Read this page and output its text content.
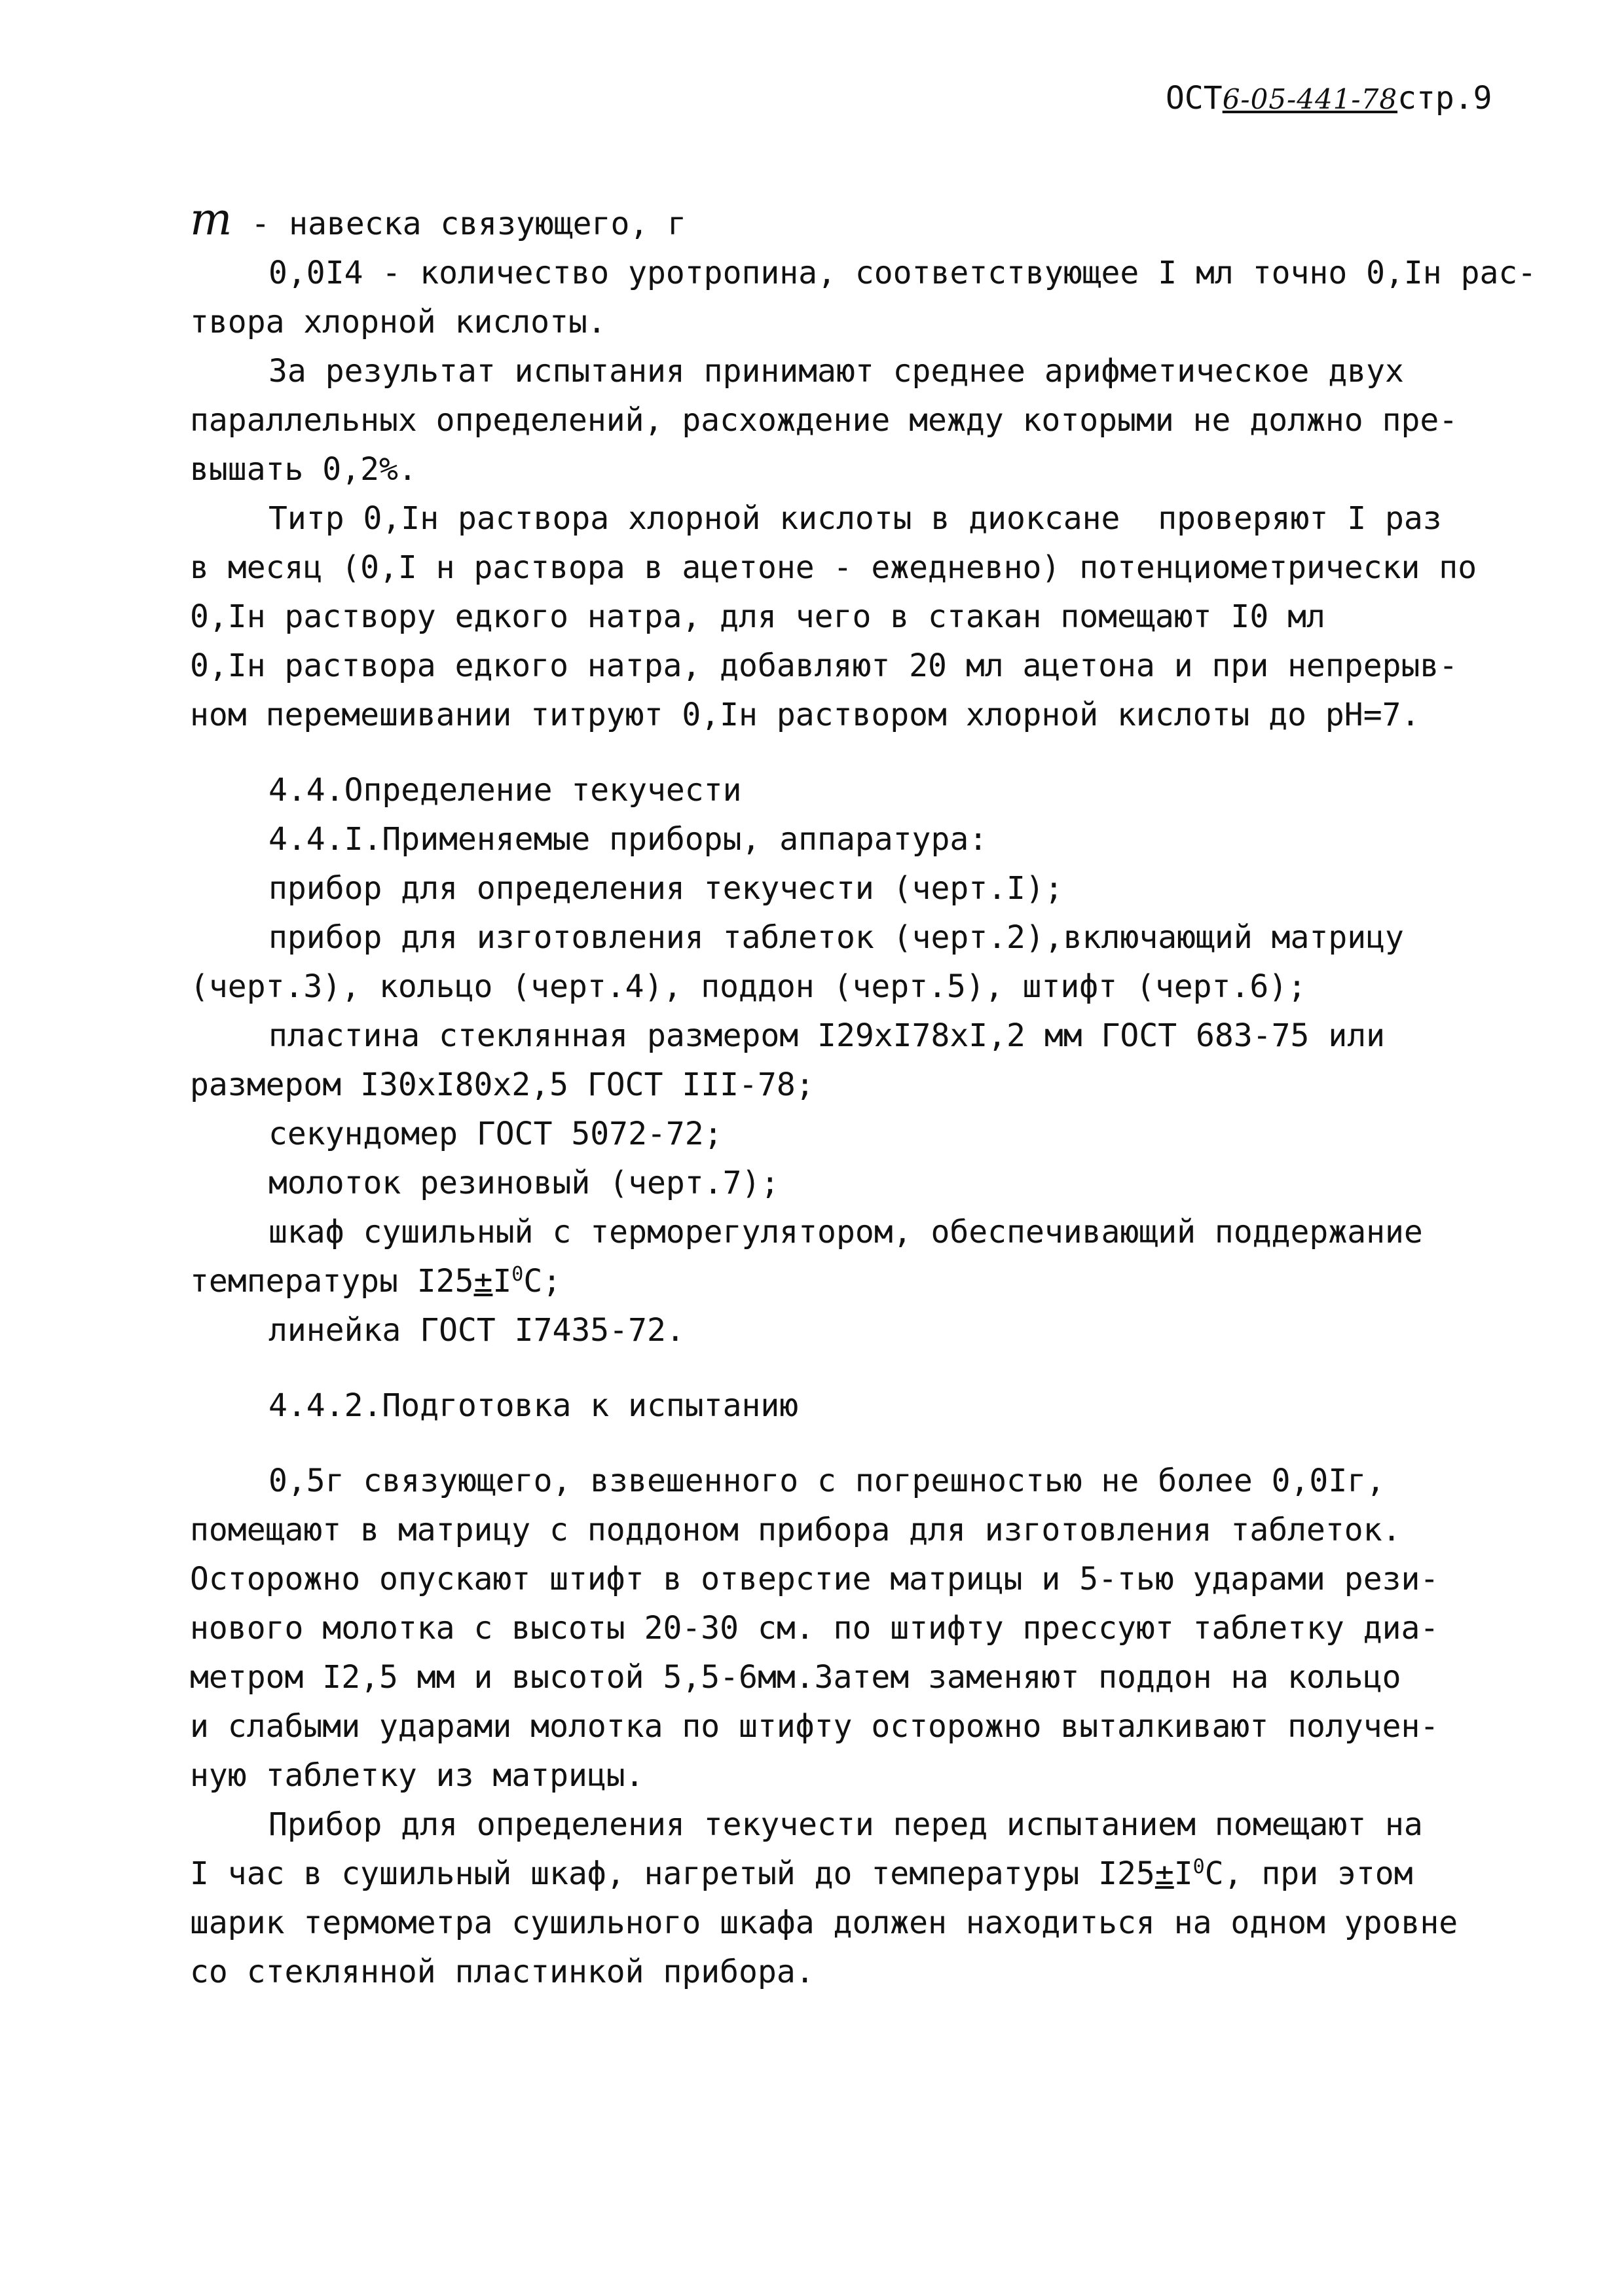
ОСТ6-05-441-78стр.9

m - навеска связующего, г

0,0I4 - количество уротропина, соответствующее I мл точно 0,Iн рас-

твора хлорной кислоты.

За результат испытания принимают среднее арифметическое двух

параллельных определений, расхождение между которыми не должно пре-

вышать 0,2%.

Титр 0,Iн раствора хлорной кислоты в диоксане  проверяют I раз

в месяц (0,I н раствора в ацетоне - ежедневно) потенциометрически по

0,Iн раствору едкого натра, для чего в стакан помещают I0 мл

0,Iн раствора едкого натра, добавляют 20 мл ацетона и при непрерыв-

ном перемешивании титруют 0,Iн раствором хлорной кислоты до pH=7.

4.4.Определение текучести

4.4.I.Применяемые приборы, аппаратура:

прибор для определения текучести (черт.I);

прибор для изготовления таблеток (черт.2),включающий матрицу

(черт.3), кольцо (черт.4), поддон (черт.5), штифт (черт.6);

пластина стеклянная размером I29хI78хI,2 мм ГОСТ 683-75 или

размером I30хI80х2,5 ГОСТ III-78;

секундомер ГОСТ 5072-72;

молоток резиновый (черт.7);

шкаф сушильный с терморегулятором, обеспечивающий поддержание

температуры $I25\pm I^0С$;

линейка ГОСТ I7435-72.

4.4.2.Подготовка к испытанию

0,5г связующего, взвешенного с погрешностью не более 0,0Iг,

помещают в матрицу с поддоном прибора для изготовления таблеток.

Осторожно опускают штифт в отверстие матрицы и 5-тью ударами рези-

нового молотка с высоты 20-30 см. по штифту прессуют таблетку диа-

метром I2,5 мм и высотой 5,5-6мм.Затем заменяют поддон на кольцо

и слабыми ударами молотка по штифту осторожно выталкивают получен-

ную таблетку из матрицы.

Прибор для определения текучести перед испытанием помещают на

I час в сушильный шкаф, нагретый до температуры $I25\pm I^0С$, при этом

шарик термометра сушильного шкафа должен находиться на одном уровне

со стеклянной пластинкой прибора.
